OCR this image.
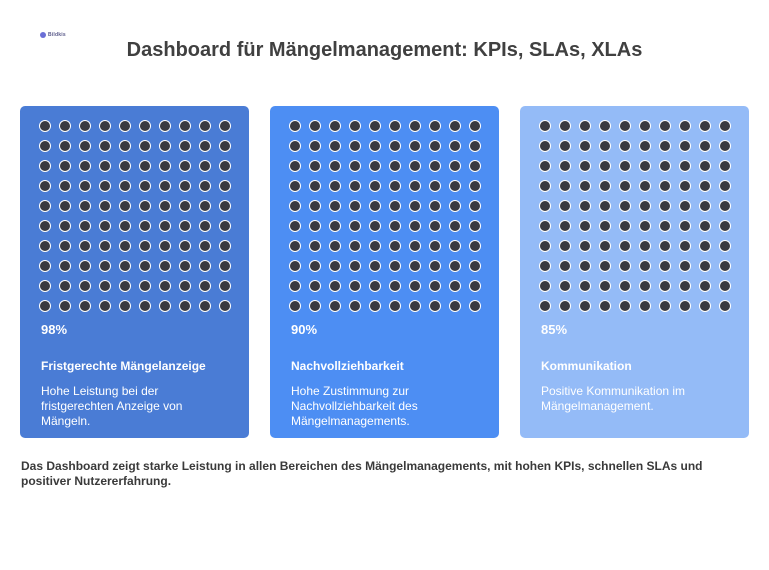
Bildkis
Dashboard für Mängelmanagement: KPIs, SLAs, XLAs
98%
Fristgerechte Mängelanzeige
Hohe Leistung bei der fristgerechten Anzeige von Mängeln.
90%
Nachvollziehbarkeit
Hohe Zustimmung zur Nachvollziehbarkeit des Mängelmanagements.
85%
Kommunikation
Positive Kommunikation im Mängelmanagement.
Das Dashboard zeigt starke Leistung in allen Bereichen des Mängelmanagements, mit hohen KPIs, schnellen SLAs und positiver Nutzererfahrung.
